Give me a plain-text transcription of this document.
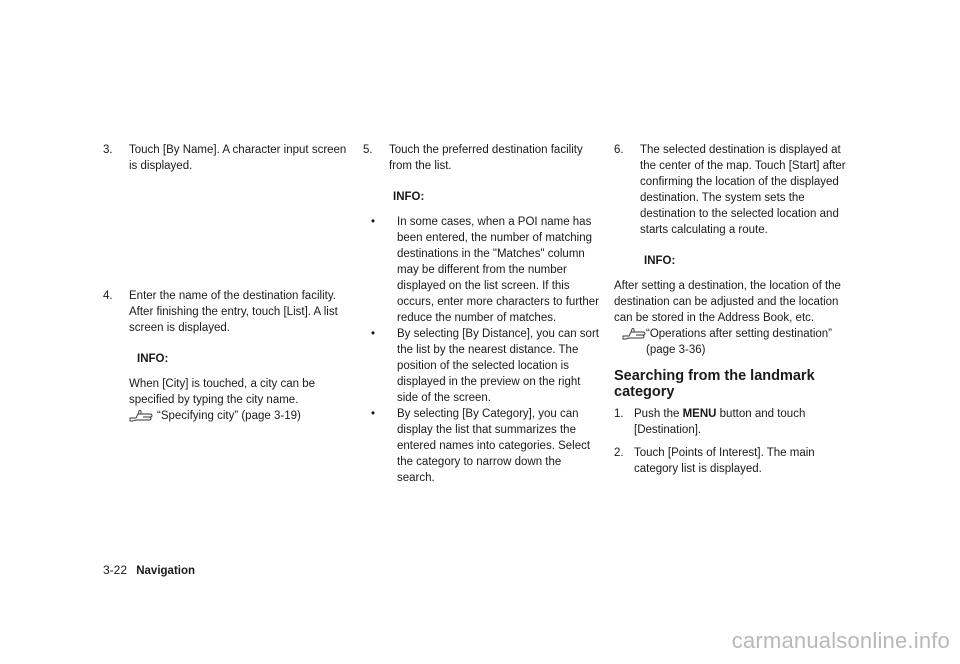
3. Touch [By Name]. A character input screen is displayed.
4. Enter the name of the destination facility. After finishing the entry, touch [List]. A list screen is displayed.

INFO:

When [City] is touched, a city can be specified by typing the city name.

“Specifying city” (page 3-19)
5. Touch the preferred destination facility from the list.

INFO:

• In some cases, when a POI name has been entered, the number of matching destinations in the "Matches" column may be different from the number displayed on the list screen. If this occurs, enter more characters to further reduce the number of matches.
• By selecting [By Distance], you can sort the list by the nearest distance. The position of the selected location is displayed in the preview on the right side of the screen.
• By selecting [By Category], you can display the list that summarizes the entered names into categories. Select the category to narrow down the search.
6. The selected destination is displayed at the center of the map. Touch [Start] after confirming the location of the displayed destination. The system sets the destination to the selected location and starts calculating a route.

INFO:

After setting a destination, the location of the destination can be adjusted and the location can be stored in the Address Book, etc.

“Operations after setting destination” (page 3-36)

Searching from the landmark category

1. Push the MENU button and touch [Destination].
2. Touch [Points of Interest]. The main category list is displayed.
3-22 Navigation
carmanualsonline.info
